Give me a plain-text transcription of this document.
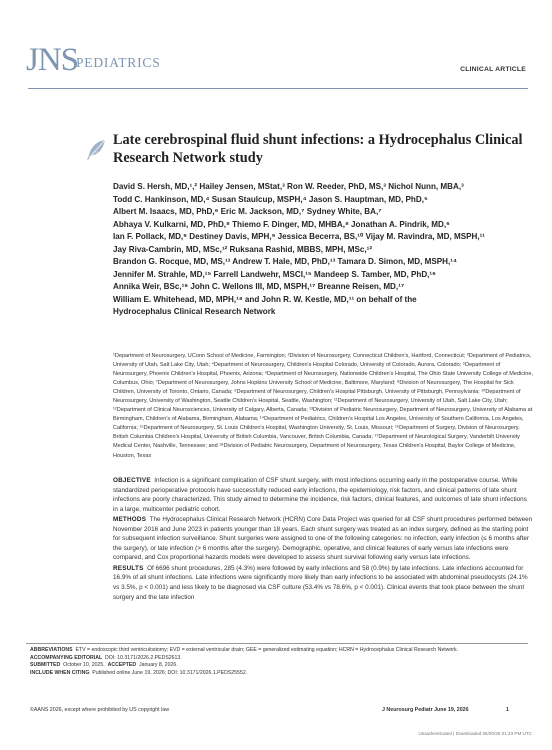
JNS
PEDIATRICS	CLINICAL ARTICLE
Late cerebrospinal fluid shunt infections: a Hydrocephalus Clinical Research Network study
David S. Hersh, MD,¹,² Hailey Jensen, MStat,³ Ron W. Reeder, PhD, MS,³ Nichol Nunn, MBA,³
Todd C. Hankinson, MD,⁴ Susan Staulcup, MSPH,⁴ Jason S. Hauptman, MD, PhD,⁵
Albert M. Isaacs, MD, PhD,⁶ Eric M. Jackson, MD,⁷ Sydney White, BA,⁷
Abhaya V. Kulkarni, MD, PhD,⁸ Thiemo F. Dinger, MD, MHBA,⁸ Jonathan A. Pindrik, MD,⁶
Ian F. Pollack, MD,⁹ Destiney Davis, MPH,⁹ Jessica Becerra, BS,¹⁰ Vijay M. Ravindra, MD, MSPH,¹¹
Jay Riva-Cambrin, MD, MSc,¹² Ruksana Rashid, MBBS, MPH, MSc,¹²
Brandon G. Rocque, MD, MS,¹³ Andrew T. Hale, MD, PhD,¹³ Tamara D. Simon, MD, MSPH,¹⁴
Jennifer M. Strahle, MD,¹⁵ Farrell Landwehr, MSCI,¹⁵ Mandeep S. Tamber, MD, PhD,¹⁶
Annika Weir, BSc,¹⁶ John C. Wellons III, MD, MSPH,¹⁷ Breanne Reisen, MD,¹⁷
William E. Whitehead, MD, MPH,¹⁸ and John R. W. Kestle, MD,¹¹ on behalf of the
Hydrocephalus Clinical Research Network
¹Department of Neurosurgery, UConn School of Medicine, Farmington; ²Division of Neurosurgery, Connecticut Children's, Hartford, Connecticut; ³Department of Pediatrics, University of Utah, Salt Lake City, Utah; ⁴Department of Neurosurgery, Children's Hospital Colorado, University of Colorado, Aurora, Colorado; ⁵Department of Neurosurgery, Phoenix Children's Hospital, Phoenix, Arizona; ⁶Department of Neurosurgery, Nationwide Children's Hospital, The Ohio State University College of Medicine, Columbus, Ohio; ⁷Department of Neurosurgery, Johns Hopkins University School of Medicine, Baltimore, Maryland; ⁸Division of Neurosurgery, The Hospital for Sick Children, University of Toronto, Ontario, Canada; ⁹Department of Neurosurgery, Children's Hospital Pittsburgh, University of Pittsburgh, Pennsylvania; ¹⁰Department of Neurosurgery, University of Washington, Seattle Children's Hospital, Seattle, Washington; ¹¹Department of Neurosurgery, University of Utah, Salt Lake City, Utah; ¹²Department of Clinical Neurosciences, University of Calgary, Alberta, Canada; ¹³Division of Pediatric Neurosurgery, Department of Neurosurgery, University of Alabama at Birmingham, Children's of Alabama, Birmingham, Alabama; ¹⁴Department of Pediatrics, Children's Hospital Los Angeles, University of Southern California, Los Angeles, California; ¹⁵Department of Neurosurgery, St. Louis Children's Hospital, Washington University, St. Louis, Missouri; ¹⁶Department of Surgery, Division of Neurosurgery, British Columbia Children's Hospital, University of British Columbia, Vancouver, British Columbia, Canada; ¹⁷Department of Neurological Surgery, Vanderbilt University Medical Center, Nashville, Tennessee; and ¹⁸Division of Pediatric Neurosurgery, Department of Neurosurgery, Texas Children's Hospital, Baylor College of Medicine, Houston, Texas

OBJECTIVE Infection is a significant complication of CSF shunt surgery, with most infections occurring early in the postoperative course. While standardized perioperative protocols have successfully reduced early infections, the epidemiology, risk factors, and clinical patterns of late shunt infections are poorly characterized. This study aimed to determine the incidence, risk factors, clinical features, and outcomes of late shunt infections in a large, multicenter pediatric cohort.

METHODS The Hydrocephalus Clinical Research Network (HCRN) Core Data Project was queried for all CSF shunt procedures performed between November 2016 and June 2023 in patients younger than 18 years. Each shunt surgery was treated as an index surgery, defined as the starting point for subsequent infection surveillance. Shunt surgeries were assigned to one of the following categories: no infection, early infection (≤ 6 months after the surgery), or late infection (> 6 months after the surgery). Demographic, operative, and clinical features of early versus late infections were compared, and Cox proportional hazards models were developed to assess shunt survival following early versus late infections.

RESULTS Of 6696 shunt procedures, 285 (4.3%) were followed by early infections and 58 (0.9%) by late infections. Late infections accounted for 16.9% of all shunt infections. Late infections were significantly more likely than early infections to be associated with abdominal pseudocysts (24.1% vs 3.5%, p < 0.001) and less likely to be diagnosed via CSF culture (53.4% vs 78.6%, p < 0.001). Clinical events that took place between the shunt surgery and the late infection

ABBREVIATIONS ETV = endoscopic third ventriculostomy; EVD = external ventricular drain; GEE = generalized estimating equation; HCRN = Hydrocephalus Clinical Research Network.
ACCOMPANYING EDITORIAL DOI: 10.3171/2026.2.PEDS2613.
SUBMITTED October 10, 2025. ACCEPTED January 8, 2026.
INCLUDE WHEN CITING Published online June 19, 2026; DOI: 10.3171/2026.1.PEDS25552.
©AANS 2026, except where prohibited by US copyright law	J Neurosurg Pediatr June 19, 2026	1
Unauthenticated | Downloaded 06/20/26 01:23 PM UTC
